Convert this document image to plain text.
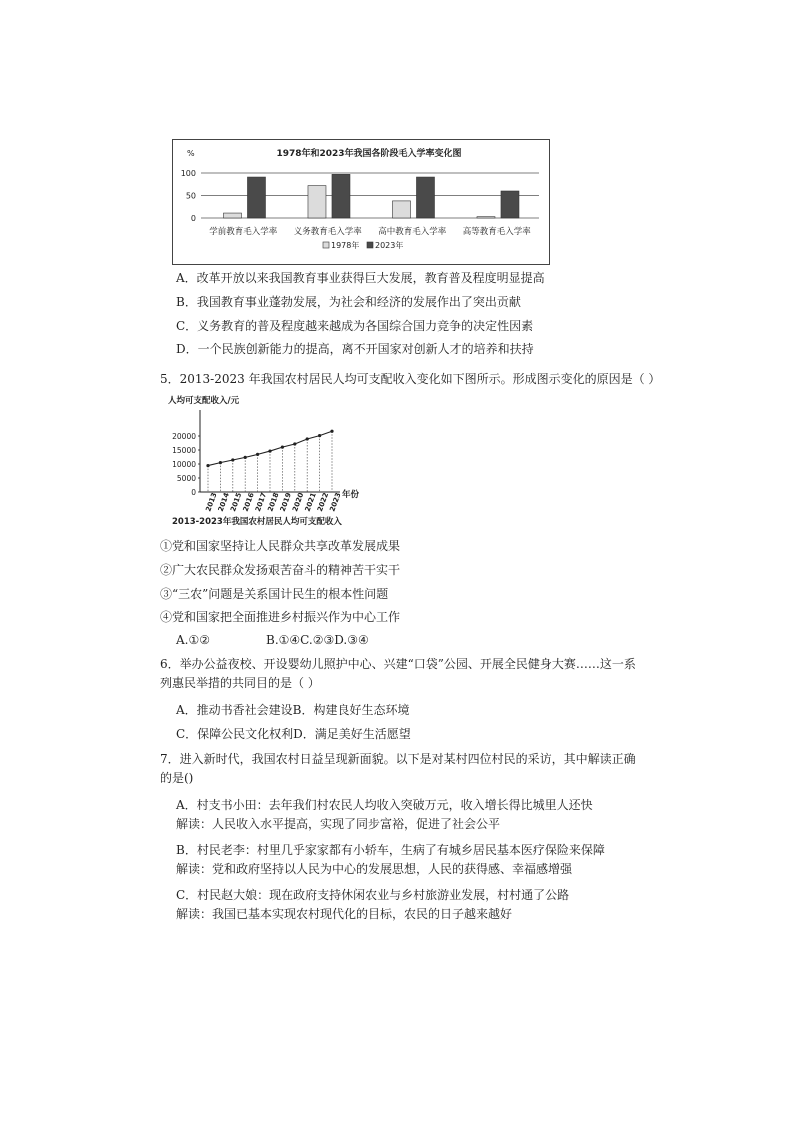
1978年和2023年我国各阶段毛入学率变化图
%
0
50
100
学前教育毛入学率 义务教育毛入学率 高中教育毛入学率 高等教育毛入学率
1978年 2023年
A．改革开放以来我国教育事业获得巨大发展，教育普及程度明显提高
B．我国教育事业蓬勃发展，为社会和经济的发展作出了突出贡献
C．义务教育的普及程度越来越成为各国综合国力竞争的决定性因素
D．一个民族创新能力的提高，离不开国家对创新人才的培养和扶持
5．2013-2023 年我国农村居民人均可支配收入变化如下图所示。形成图示变化的原因是（ ）
人均可支配收入/元
0
5000
10000
15000
20000
2013
2014
2015
2016
2017
2018
2019
2020
2021
2022
2023 年份
2013-2023年我国农村居民人均可支配收入
①党和国家坚持让人民群众共享改革发展成果
②广大农民群众发扬艰苦奋斗的精神苦干实干
③“三农”问题是关系国计民生的根本性问题
④党和国家把全面推进乡村振兴作为中心工作
A.①②	B.①④C.②③D.③④
6．举办公益夜校、开设婴幼儿照护中心、兴建“口袋”公园、开展全民健身大赛……这一系
列惠民举措的共同目的是（ ）
A．推动书香社会建设B．构建良好生态环境
C．保障公民文化权利D．满足美好生活愿望
7．进入新时代，我国农村日益呈现新面貌。以下是对某村四位村民的采访，其中解读正确
的是()
A．村支书小田：去年我们村农民人均收入突破万元，收入增长得比城里人还快
解读：人民收入水平提高，实现了同步富裕，促进了社会公平
B．村民老李：村里几乎家家都有小轿车，生病了有城乡居民基本医疗保险来保障
解读：党和政府坚持以人民为中心的发展思想，人民的获得感、幸福感增强
C．村民赵大娘：现在政府支持休闲农业与乡村旅游业发展，村村通了公路
解读：我国已基本实现农村现代化的目标，农民的日子越来越好
